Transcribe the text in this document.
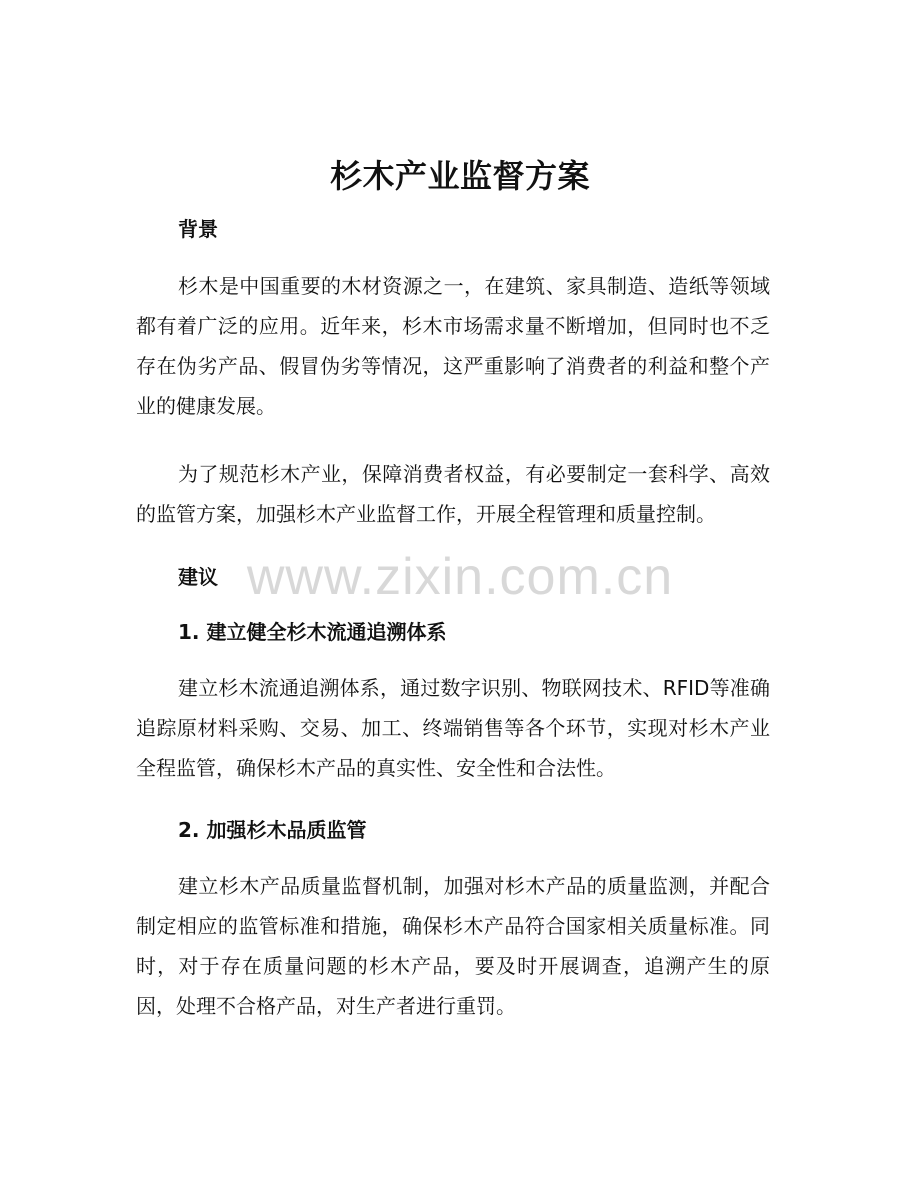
杉木产业监督方案
背景

杉木是中国重要的木材资源之一，在建筑、家具制造、造纸等领域都有着广泛的应用。近年来，杉木市场需求量不断增加，但同时也不乏存在伪劣产品、假冒伪劣等情况，这严重影响了消费者的利益和整个产业的健康发展。

为了规范杉木产业，保障消费者权益，有必要制定一套科学、高效的监管方案，加强杉木产业监督工作，开展全程管理和质量控制。

建议
1. 建立健全杉木流通追溯体系

建立杉木流通追溯体系，通过数字识别、物联网技术、RFID等准确追踪原材料采购、交易、加工、终端销售等各个环节，实现对杉木产业全程监管，确保杉木产品的真实性、安全性和合法性。

2. 加强杉木品质监管

建立杉木产品质量监督机制，加强对杉木产品的质量监测，并配合制定相应的监管标准和措施，确保杉木产品符合国家相关质量标准。同时，对于存在质量问题的杉木产品，要及时开展调查，追溯产生的原因，处理不合格产品，对生产者进行重罚。

www.zixin.com.cn
